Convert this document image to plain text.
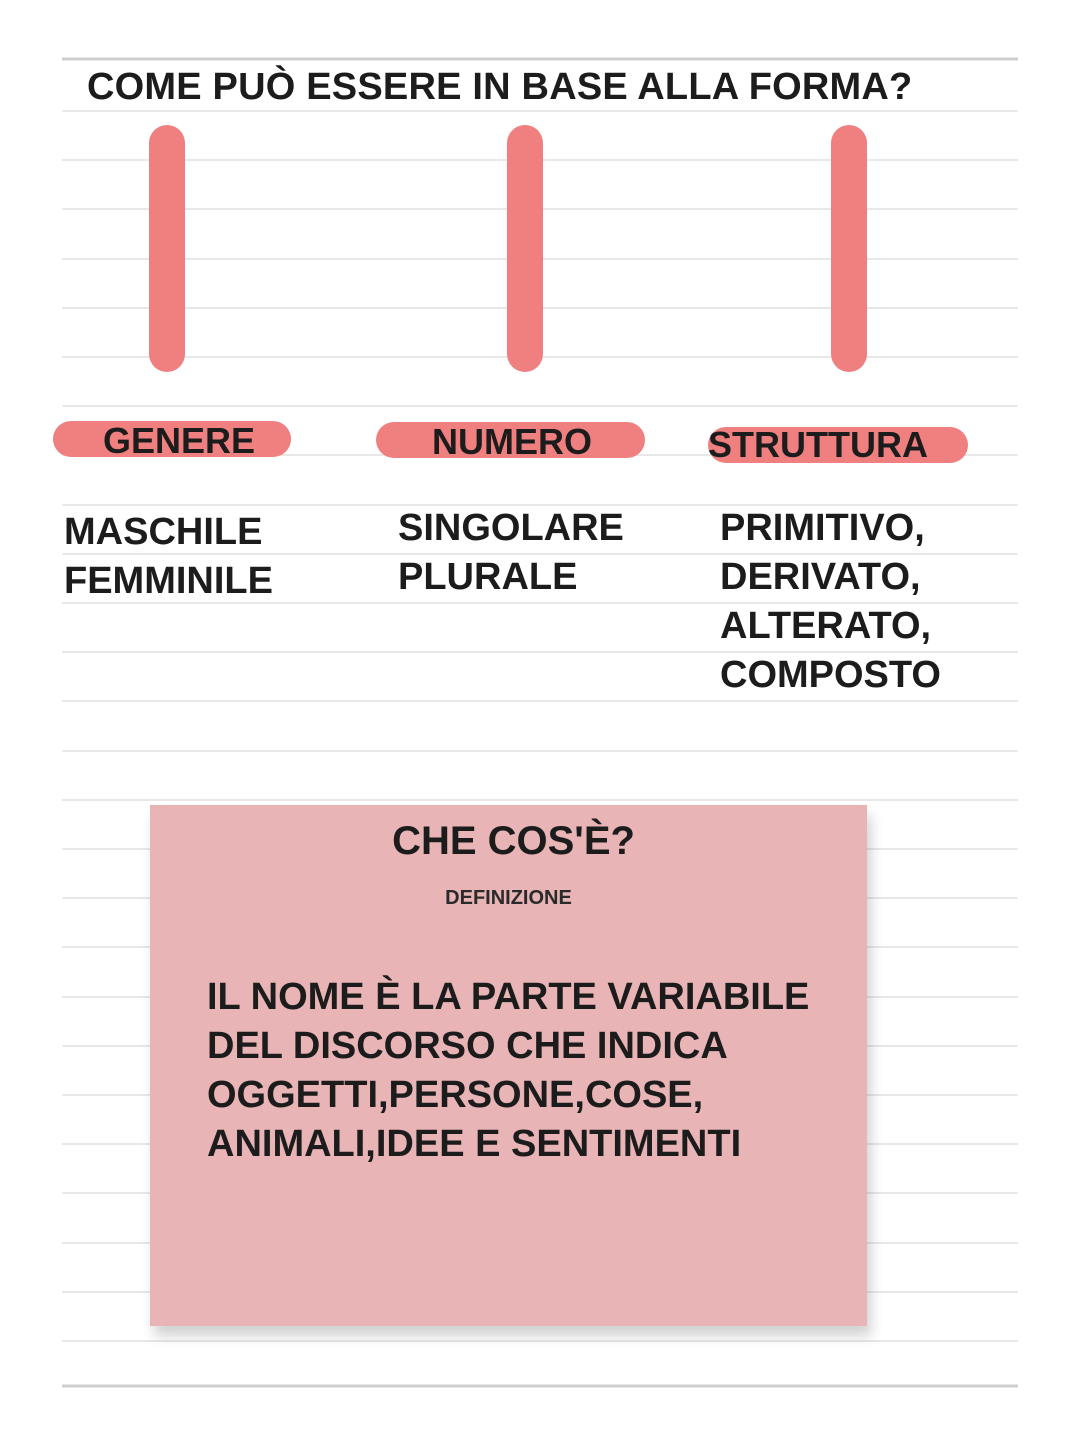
COME PUÒ ESSERE IN BASE ALLA FORMA?
GENERE	NUMERO	STRUTTURA
MASCHILE
FEMMINILE
SINGOLARE
PLURALE
PRIMITIVO,
DERIVATO,
ALTERATO,
COMPOSTO
CHE COS'È?
DEFINIZIONE
IL NOME È LA PARTE VARIABILE
DEL DISCORSO CHE INDICA
OGGETTI,PERSONE,COSE,
ANIMALI,IDEE E SENTIMENTI
